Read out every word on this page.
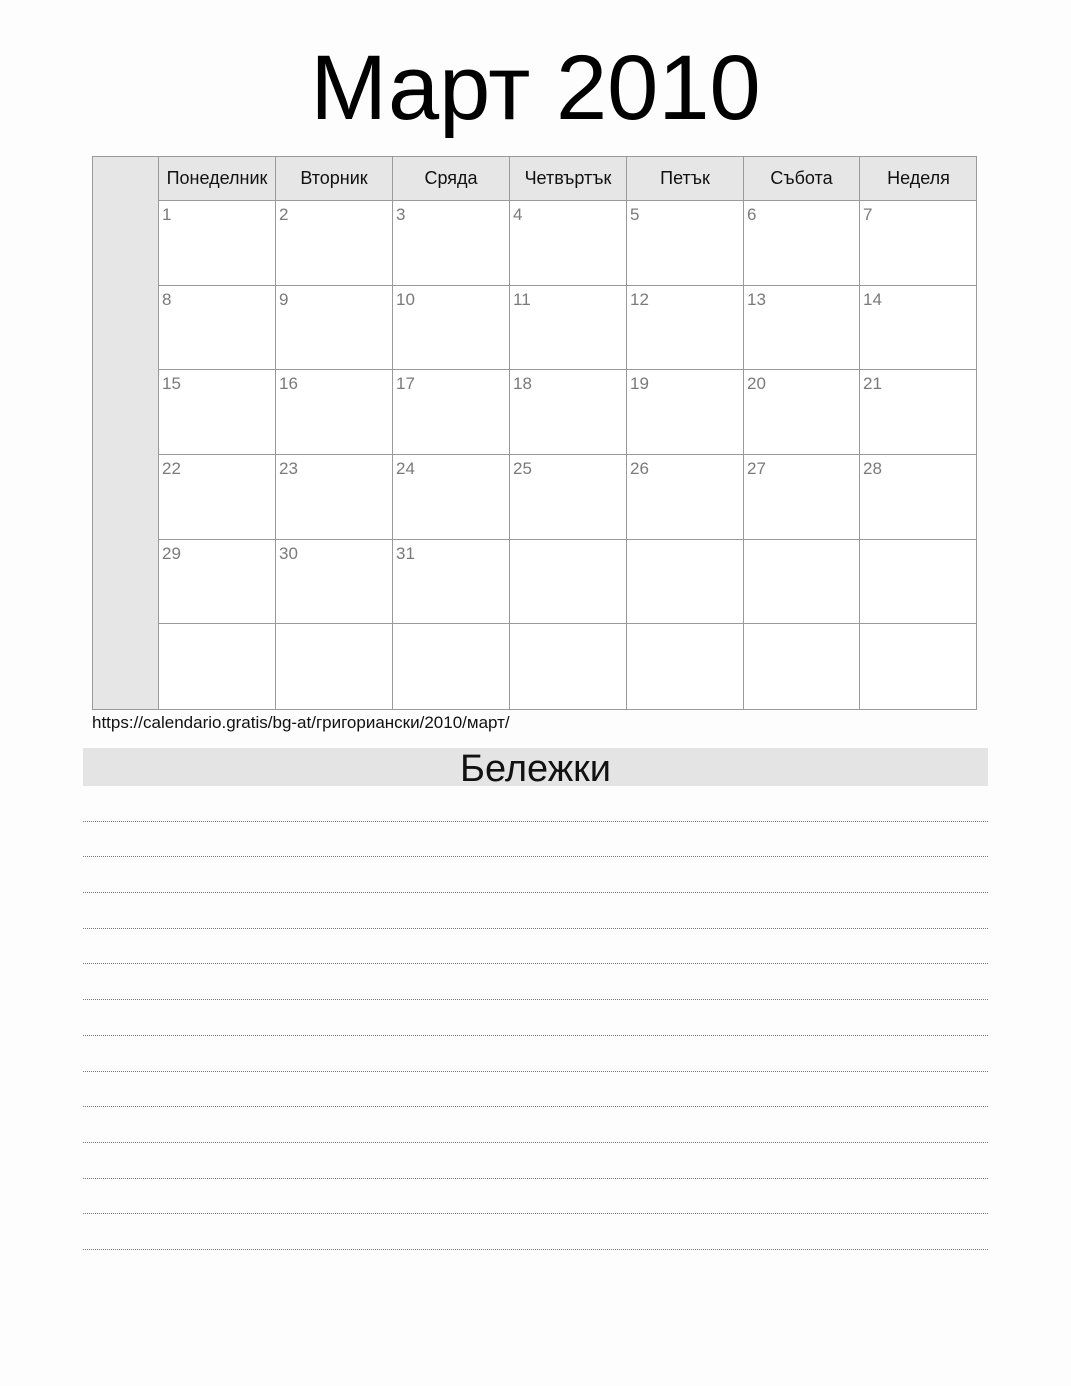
Март 2010
Понеделник	Вторник	Сряда	Четвъртък	Петък	Събота	Неделя
1	2	3	4	5	6	7
8	9	10	11	12	13	14
15	16	17	18	19	20	21
22	23	24	25	26	27	28
29	30	31
https://calendario.gratis/bg-at/григориански/2010/март/
Бележки
